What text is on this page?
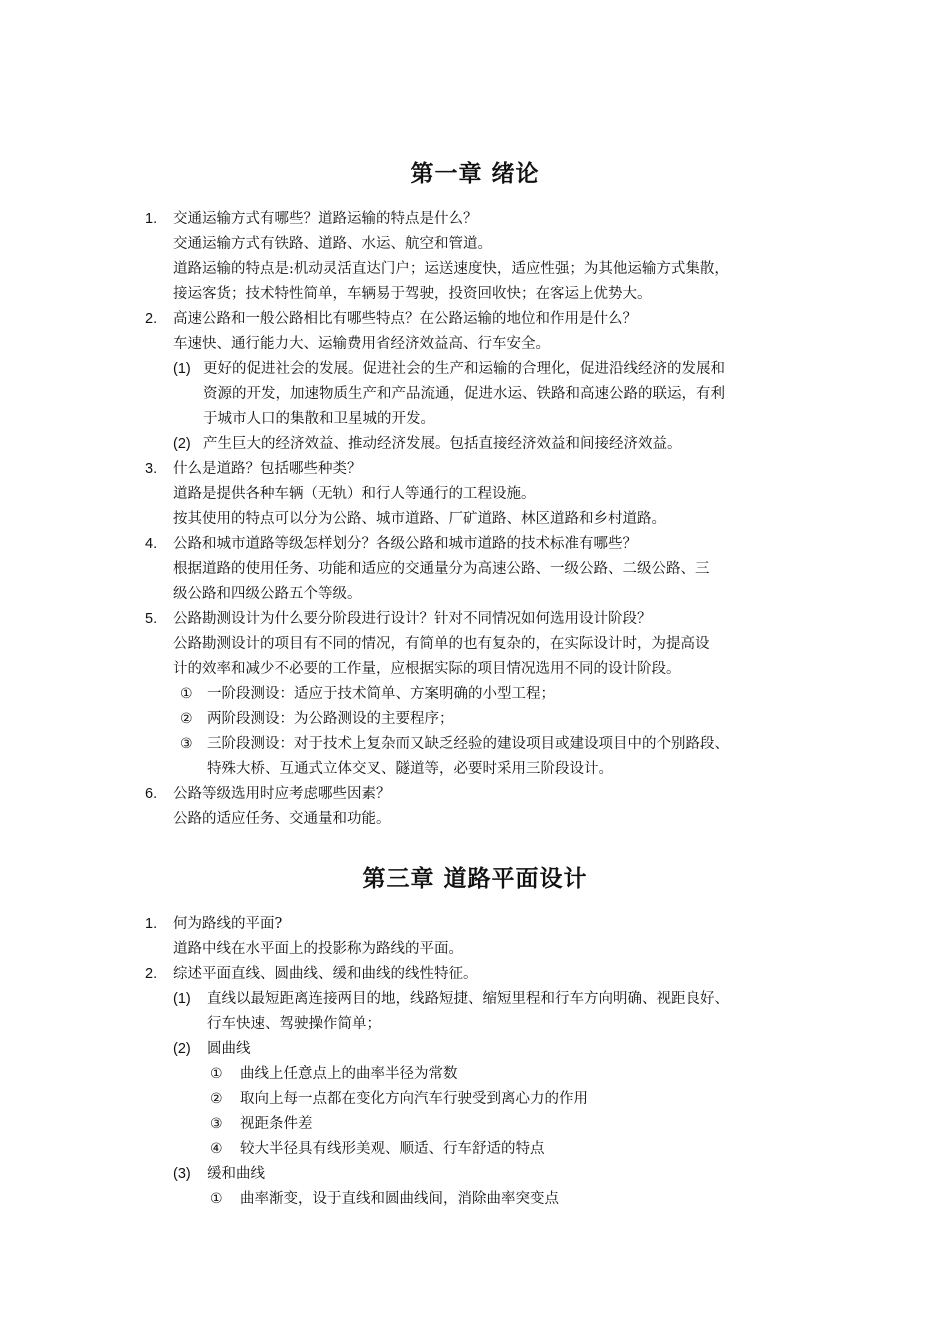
第一章 绪论
1. 交通运输方式有哪些？道路运输的特点是什么？
交通运输方式有铁路、道路、水运、航空和管道。
道路运输的特点是:机动灵活直达门户；运送速度快，适应性强；为其他运输方式集散，
接运客货；技术特性简单，车辆易于驾驶，投资回收快；在客运上优势大。
2. 高速公路和一般公路相比有哪些特点？在公路运输的地位和作用是什么？
车速快、通行能力大、运输费用省经济效益高、行车安全。
(1) 更好的促进社会的发展。促进社会的生产和运输的合理化，促进沿线经济的发展和
资源的开发，加速物质生产和产品流通，促进水运、铁路和高速公路的联运，有利
于城市人口的集散和卫星城的开发。
(2) 产生巨大的经济效益、推动经济发展。包括直接经济效益和间接经济效益。
3. 什么是道路？包括哪些种类？
道路是提供各种车辆（无轨）和行人等通行的工程设施。
按其使用的特点可以分为公路、城市道路、厂矿道路、林区道路和乡村道路。
4. 公路和城市道路等级怎样划分？各级公路和城市道路的技术标准有哪些？
根据道路的使用任务、功能和适应的交通量分为高速公路、一级公路、二级公路、三
级公路和四级公路五个等级。
5. 公路勘测设计为什么要分阶段进行设计？针对不同情况如何选用设计阶段？
公路勘测设计的项目有不同的情况，有简单的也有复杂的，在实际设计时，为提高设
计的效率和减少不必要的工作量，应根据实际的项目情况选用不同的设计阶段。
① 一阶段测设：适应于技术简单、方案明确的小型工程；
② 两阶段测设：为公路测设的主要程序；
③ 三阶段测设：对于技术上复杂而又缺乏经验的建设项目或建设项目中的个别路段、
特殊大桥、互通式立体交叉、隧道等，必要时采用三阶段设计。
6. 公路等级选用时应考虑哪些因素？
公路的适应任务、交通量和功能。
第三章 道路平面设计
1. 何为路线的平面?
道路中线在水平面上的投影称为路线的平面。
2. 综述平面直线、圆曲线、缓和曲线的线性特征。
(1) 直线以最短距离连接两目的地，线路短捷、缩短里程和行车方向明确、视距良好、
行车快速、驾驶操作简单；
(2) 圆曲线
① 曲线上任意点上的曲率半径为常数
② 取向上每一点都在变化方向汽车行驶受到离心力的作用
③ 视距条件差
④ 较大半径具有线形美观、顺适、行车舒适的特点
(3) 缓和曲线
① 曲率渐变，设于直线和圆曲线间，消除曲率突变点
